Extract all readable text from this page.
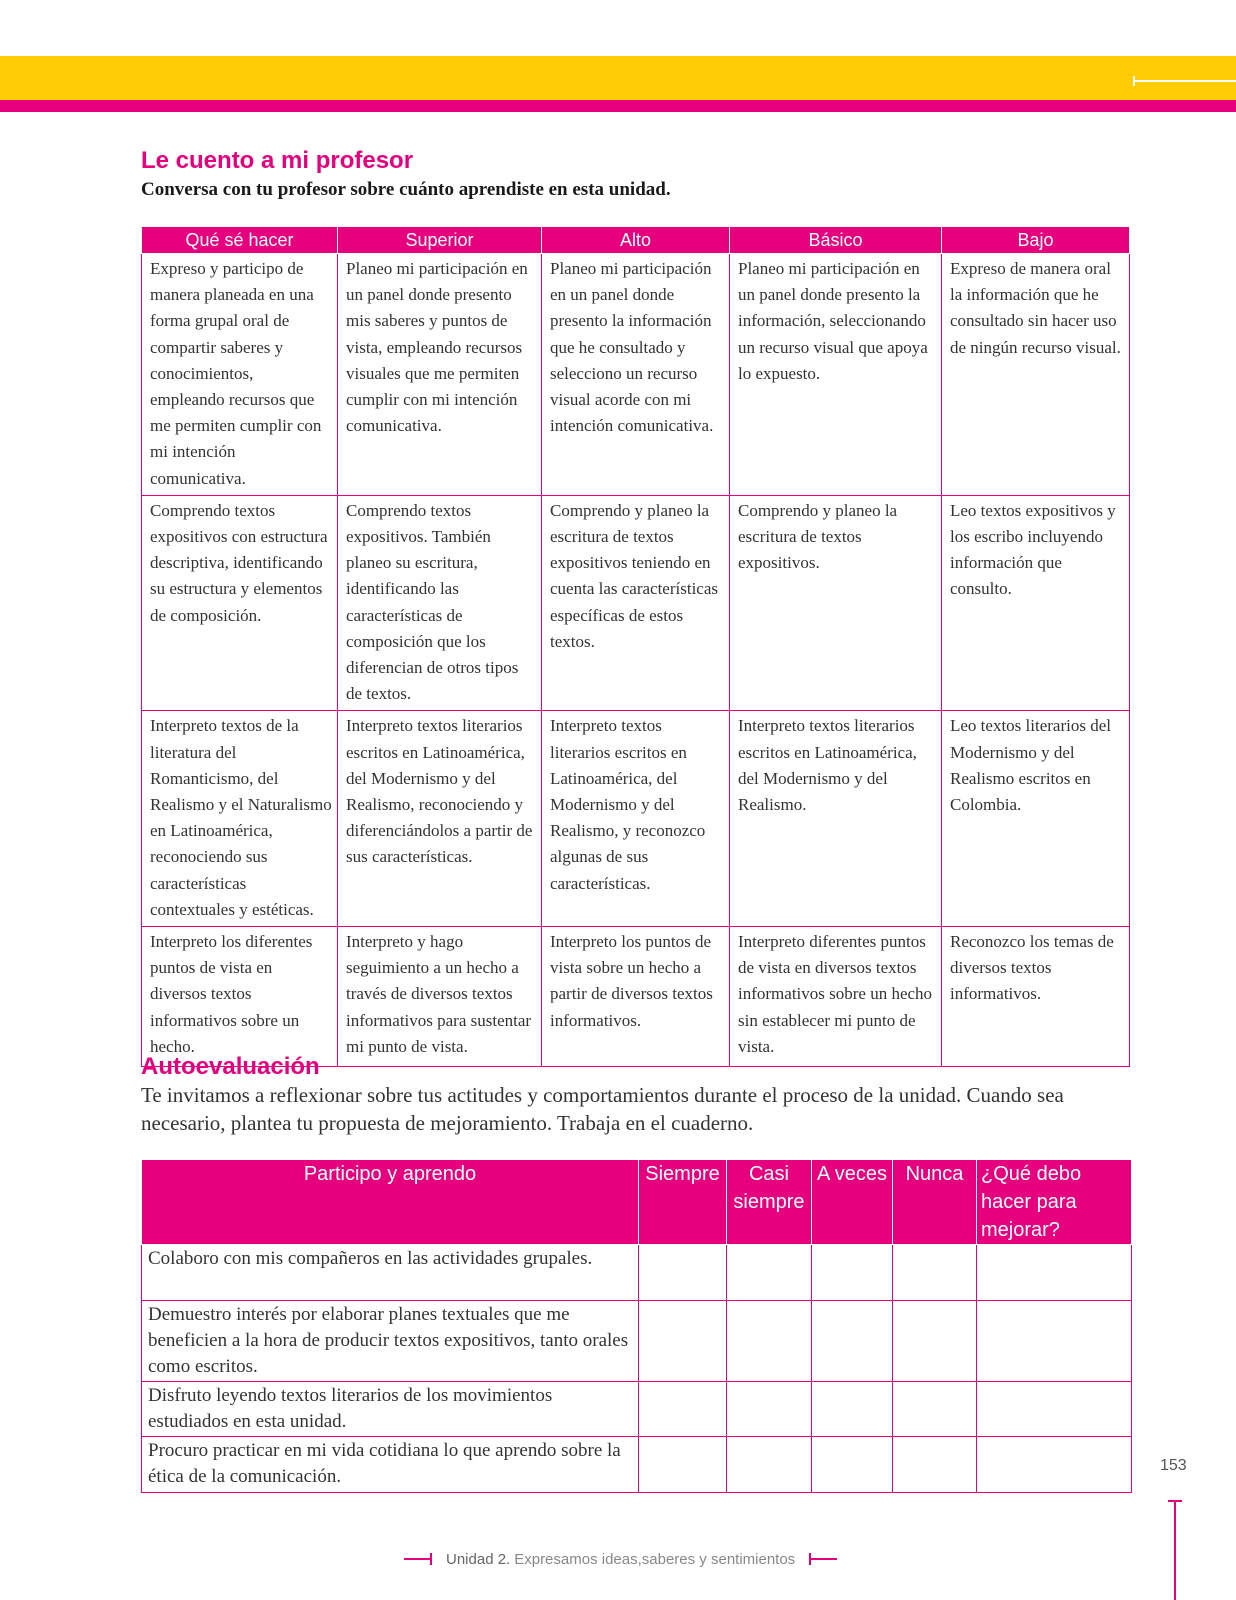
Le cuento a mi profesor

Conversa con tu profesor sobre cuánto aprendiste en esta unidad.

Qué sé hacer	Superior	Alto	Básico	Bajo
Expreso y participo de manera planeada en una forma grupal oral de compartir saberes y conocimientos, empleando recursos que me permiten cumplir con mi intención comunicativa.	Planeo mi participación en un panel donde presento mis saberes y puntos de vista, empleando recursos visuales que me permiten cumplir con mi intención comunicativa.	Planeo mi participación en un panel donde presento la información que he consultado y selecciono un recurso visual acorde con mi intención comunicativa.	Planeo mi participación en un panel donde presento la información, seleccionando un recurso visual que apoya lo expuesto.	Expreso de manera oral la información que he consultado sin hacer uso de ningún recurso visual.
Comprendo textos expositivos con estructura descriptiva, identificando su estructura y elementos de composición.	Comprendo textos expositivos. También planeo su escritura, identificando las características de composición que los diferencian de otros tipos de textos.	Comprendo y planeo la escritura de textos expositivos teniendo en cuenta las características específicas de estos textos.	Comprendo y planeo la escritura de textos expositivos.	Leo textos expositivos y los escribo incluyendo información que consulto.
Interpreto textos de la literatura del Romanticismo, del Realismo y el Naturalismo en Latinoamérica, reconociendo sus características contextuales y estéticas.	Interpreto textos literarios escritos en Latinoamérica, del Modernismo y del Realismo, reconociendo y diferenciándolos a partir de sus características.	Interpreto textos literarios escritos en Latinoamérica, del Modernismo y del Realismo, y reconozco algunas de sus características.	Interpreto textos literarios escritos en Latinoamérica, del Modernismo y del Realismo.	Leo textos literarios del Modernismo y del Realismo escritos en Colombia.
Interpreto los diferentes puntos de vista en diversos textos informativos sobre un hecho.	Interpreto y hago seguimiento a un hecho a través de diversos textos informativos para sustentar mi punto de vista.	Interpreto los puntos de vista sobre un hecho a partir de diversos textos informativos.	Interpreto diferentes puntos de vista en diversos textos informativos sobre un hecho sin establecer mi punto de vista.	Reconozco los temas de diversos textos informativos.
Autoevaluación

Te invitamos a reflexionar sobre tus actitudes y comportamientos durante el proceso de la unidad. Cuando sea necesario, plantea tu propuesta de mejoramiento. Trabaja en el cuaderno.

Participo y aprendo	Siempre	Casi siempre	A veces	Nunca	¿Qué debo hacer para mejorar?
Colaboro con mis compañeros en las actividades grupales.					
Demuestro interés por elaborar planes textuales que me beneficien a la hora de producir textos expositivos, tanto orales como escritos.					
Disfruto leyendo textos literarios de los movimientos estudiados en esta unidad.					
Procuro practicar en mi vida cotidiana lo que aprendo sobre la ética de la comunicación.					
153
Unidad 2. Expresamos ideas,saberes y sentimientos
